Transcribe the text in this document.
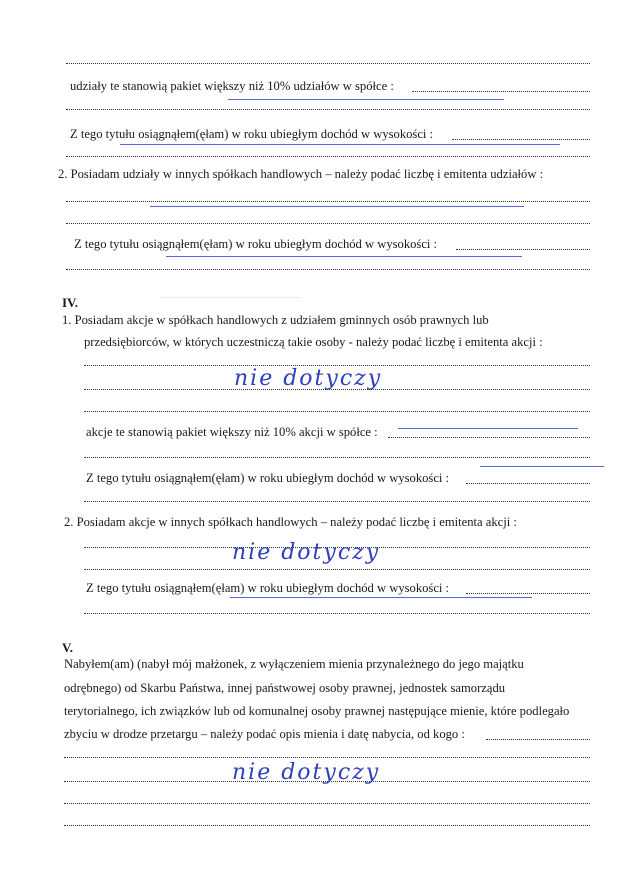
udziały te stanowią pakiet większy niż 10% udziałów w spółce :
Z tego tytułu osiągnąłem(ęłam) w roku ubiegłym dochód w wysokości :
2. Posiadam udziały w innych spółkach handlowych – należy podać liczbę i emitenta udziałów :
Z tego tytułu osiągnąłem(ęłam) w roku ubiegłym dochód w wysokości :
──────────────────────
IV.
1. Posiadam akcje w spółkach handlowych z udziałem gminnych osób prawnych lub
przedsiębiorców, w których uczestniczą takie osoby - należy podać liczbę i emitenta akcji :
nie dotyczy
akcje te stanowią pakiet większy niż 10% akcji w spółce :
Z tego tytułu osiągnąłem(ęłam) w roku ubiegłym dochód w wysokości :
2. Posiadam akcje w innych spółkach handlowych – należy podać liczbę i emitenta akcji :
nie dotyczy
Z tego tytułu osiągnąłem(ęłam) w roku ubiegłym dochód w wysokości :
V.
Nabyłem(am) (nabył mój małżonek, z wyłączeniem mienia przynależnego do jego majątku
odrębnego) od Skarbu Państwa, innej państwowej osoby prawnej, jednostek samorządu
terytorialnego, ich związków lub od komunalnej osoby prawnej następujące mienie, które podlegało
zbyciu w drodze przetargu – należy podać opis mienia i datę nabycia, od kogo :
nie dotyczy
